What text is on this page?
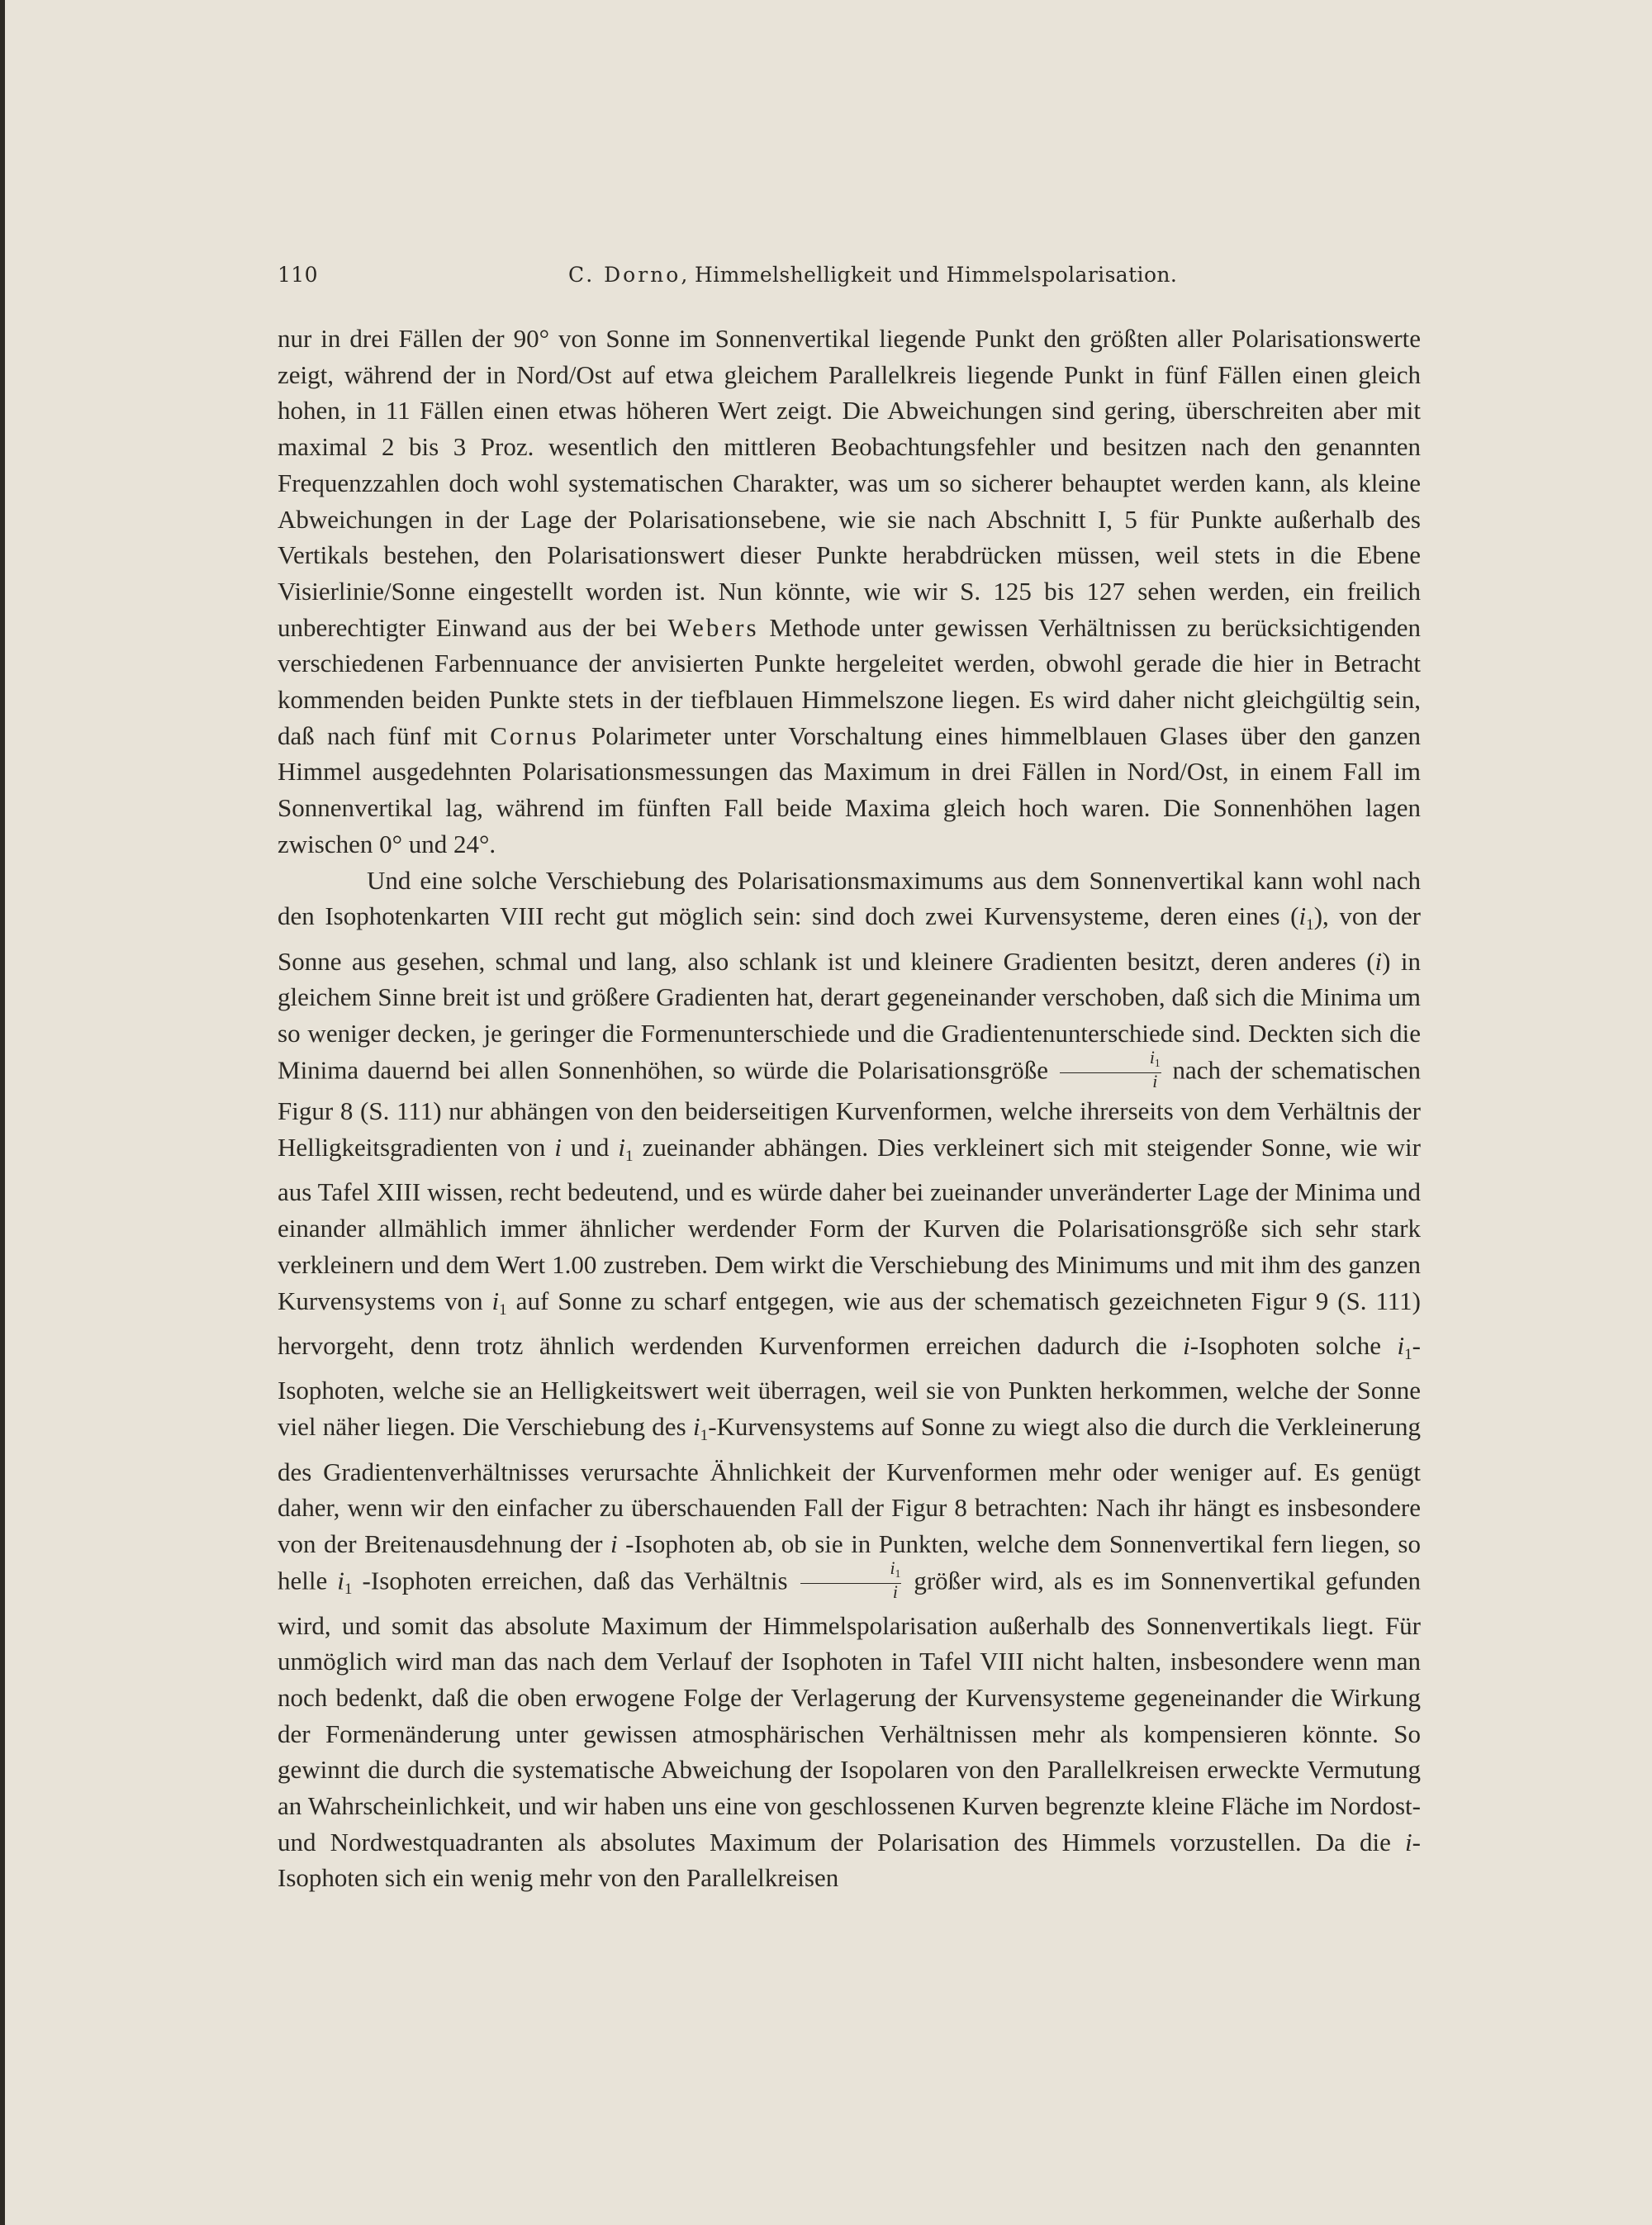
110	C. Dorno, Himmelshelligkeit und Himmelspolarisation.

nur in drei Fällen der 90° von Sonne im Sonnenvertikal liegende Punkt den größten aller Polarisationswerte zeigt, während der in Nord/Ost auf etwa gleichem Parallelkreis liegende Punkt in fünf Fällen einen gleich hohen, in 11 Fällen einen etwas höheren Wert zeigt. Die Abweichungen sind gering, überschreiten aber mit maximal 2 bis 3 Proz. wesentlich den mittleren Beobachtungsfehler und besitzen nach den genannten Frequenzzahlen doch wohl systematischen Charakter, was um so sicherer behauptet werden kann, als kleine Abweichungen in der Lage der Polarisationsebene, wie sie nach Abschnitt I, 5 für Punkte außerhalb des Vertikals bestehen, den Polarisationswert dieser Punkte herabdrücken müssen, weil stets in die Ebene Visierlinie/Sonne eingestellt worden ist. Nun könnte, wie wir S. 125 bis 127 sehen werden, ein freilich unberechtigter Einwand aus der bei Webers Methode unter gewissen Verhältnissen zu berücksichtigenden verschiedenen Farbennuance der anvisierten Punkte hergeleitet werden, obwohl gerade die hier in Betracht kommenden beiden Punkte stets in der tiefblauen Himmelszone liegen. Es wird daher nicht gleichgültig sein, daß nach fünf mit Cornus Polarimeter unter Vorschaltung eines himmelblauen Glases über den ganzen Himmel ausgedehnten Polarisationsmessungen das Maximum in drei Fällen in Nord/Ost, in einem Fall im Sonnenvertikal lag, während im fünften Fall beide Maxima gleich hoch waren. Die Sonnenhöhen lagen zwischen 0° und 24°.

Und eine solche Verschiebung des Polarisationsmaximums aus dem Sonnenvertikal kann wohl nach den Isophotenkarten VIII recht gut möglich sein: sind doch zwei Kurvensysteme, deren eines $(i_1)$, von der Sonne aus gesehen, schmal und lang, also schlank ist und kleinere Gradienten besitzt, deren anderes (i) in gleichem Sinne breit ist und größere Gradienten hat, derart gegeneinander verschoben, daß sich die Minima um so weniger decken, je geringer die Formenunterschiede und die Gradientenunterschiede sind. Deckten sich die Minima dauernd bei allen Sonnenhöhen, so würde die Polarisationsgröße $\frac{i_1}{i}$ nach der schematischen Figur 8 (S. 111) nur abhängen von den beiderseitigen Kurvenformen, welche ihrerseits von dem Verhältnis der Helligkeitsgradienten von i und $i_1$ zueinander abhängen. Dies verkleinert sich mit steigender Sonne, wie wir aus Tafel XIII wissen, recht bedeutend, und es würde daher bei zueinander unveränderter Lage der Minima und einander allmählich immer ähnlicher werdender Form der Kurven die Polarisationsgröße sich sehr stark verkleinern und dem Wert 1.00 zustreben. Dem wirkt die Verschiebung des Minimums und mit ihm des ganzen Kurvensystems von $i_1$ auf Sonne zu scharf entgegen, wie aus der schematisch gezeichneten Figur 9 (S. 111) hervorgeht, denn trotz ähnlich werdenden Kurvenformen erreichen dadurch die i-Isophoten solche $i_1$-Isophoten, welche sie an Helligkeitswert weit überragen, weil sie von Punkten herkommen, welche der Sonne viel näher liegen. Die Verschiebung des $i_1$-Kurvensystems auf Sonne zu wiegt also die durch die Verkleinerung des Gradientenverhältnisses verursachte Ähnlichkeit der Kurvenformen mehr oder weniger auf. Es genügt daher, wenn wir den einfacher zu überschauenden Fall der Figur 8 betrachten: Nach ihr hängt es insbesondere von der Breitenausdehnung der i -Isophoten ab, ob sie in Punkten, welche dem Sonnenvertikal fern liegen, so helle $i_1$ -Isophoten erreichen, daß das Verhältnis $\frac{i_1}{i}$ größer wird, als es im Sonnenvertikal gefunden wird, und somit das absolute Maximum der Himmelspolarisation außerhalb des Sonnenvertikals liegt. Für unmöglich wird man das nach dem Verlauf der Isophoten in Tafel VIII nicht halten, insbesondere wenn man noch bedenkt, daß die oben erwogene Folge der Verlagerung der Kurvensysteme gegeneinander die Wirkung der Formenänderung unter gewissen atmosphärischen Verhältnissen mehr als kompensieren könnte. So gewinnt die durch die systematische Abweichung der Isopolaren von den Parallelkreisen erweckte Vermutung an Wahrscheinlichkeit, und wir haben uns eine von geschlossenen Kurven begrenzte kleine Fläche im Nordost- und Nordwestquadranten als absolutes Maximum der Polarisation des Himmels vorzustellen. Da die i-Isophoten sich ein wenig mehr von den Parallelkreisen
